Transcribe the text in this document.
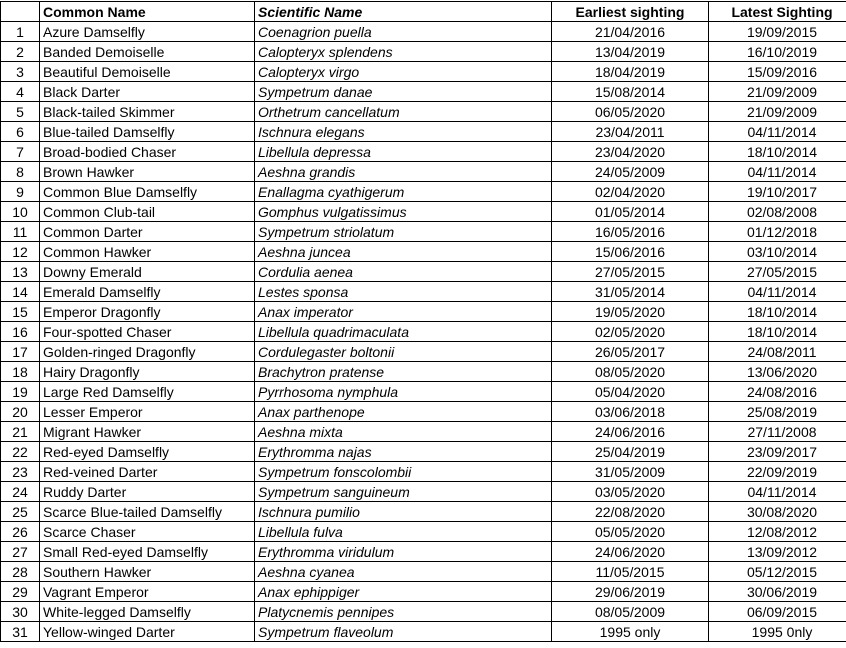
	Common Name	Scientific Name	Earliest sighting	Latest Sighting
1	Azure Damselfly	Coenagrion puella	21/04/2016	19/09/2015
2	Banded Demoiselle	Calopteryx splendens	13/04/2019	16/10/2019
3	Beautiful Demoiselle	Calopteryx virgo	18/04/2019	15/09/2016
4	Black Darter	Sympetrum danae	15/08/2014	21/09/2009
5	Black-tailed Skimmer	Orthetrum cancellatum	06/05/2020	21/09/2009
6	Blue-tailed Damselfly	Ischnura elegans	23/04/2011	04/11/2014
7	Broad-bodied Chaser	Libellula depressa	23/04/2020	18/10/2014
8	Brown Hawker	Aeshna grandis	24/05/2009	04/11/2014
9	Common Blue Damselfly	Enallagma cyathigerum	02/04/2020	19/10/2017
10	Common Club-tail	Gomphus vulgatissimus	01/05/2014	02/08/2008
11	Common Darter	Sympetrum striolatum	16/05/2016	01/12/2018
12	Common Hawker	Aeshna juncea	15/06/2016	03/10/2014
13	Downy Emerald	Cordulia aenea	27/05/2015	27/05/2015
14	Emerald Damselfly	Lestes sponsa	31/05/2014	04/11/2014
15	Emperor Dragonfly	Anax imperator	19/05/2020	18/10/2014
16	Four-spotted Chaser	Libellula quadrimaculata	02/05/2020	18/10/2014
17	Golden-ringed Dragonfly	Cordulegaster boltonii	26/05/2017	24/08/2011
18	Hairy Dragonfly	Brachytron pratense	08/05/2020	13/06/2020
19	Large Red Damselfly	Pyrrhosoma nymphula	05/04/2020	24/08/2016
20	Lesser Emperor	Anax parthenope	03/06/2018	25/08/2019
21	Migrant Hawker	Aeshna mixta	24/06/2016	27/11/2008
22	Red-eyed Damselfly	Erythromma najas	25/04/2019	23/09/2017
23	Red-veined Darter	Sympetrum fonscolombii	31/05/2009	22/09/2019
24	Ruddy Darter	Sympetrum sanguineum	03/05/2020	04/11/2014
25	Scarce Blue-tailed Damselfly	Ischnura pumilio	22/08/2020	30/08/2020
26	Scarce Chaser	Libellula fulva	05/05/2020	12/08/2012
27	Small Red-eyed Damselfly	Erythromma viridulum	24/06/2020	13/09/2012
28	Southern Hawker	Aeshna cyanea	11/05/2015	05/12/2015
29	Vagrant Emperor	Anax ephippiger	29/06/2019	30/06/2019
30	White-legged Damselfly	Platycnemis pennipes	08/05/2009	06/09/2015
31	Yellow-winged Darter	Sympetrum flaveolum	1995 only	1995 0nly
